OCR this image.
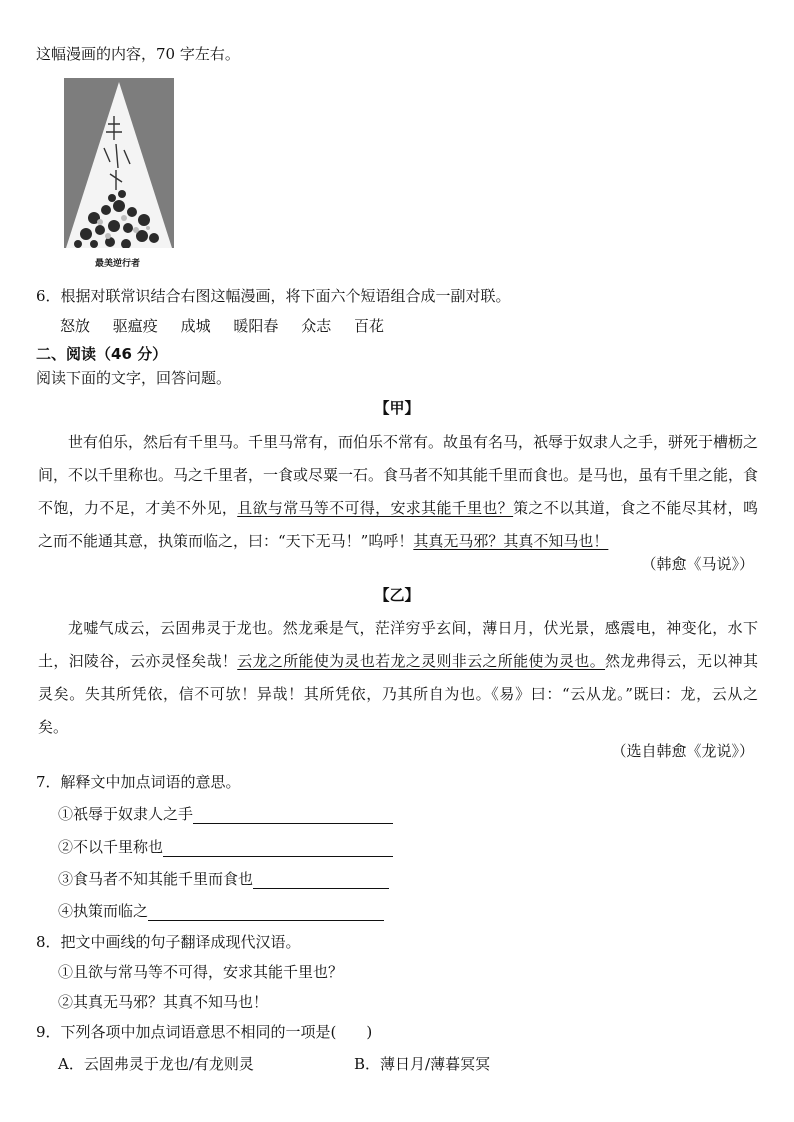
这幅漫画的内容，70 字左右。
最美逆行者
6．根据对联常识结合右图这幅漫画，将下面六个短语组合成一副对联。
怒放 驱瘟疫 成城 暖阳春 众志 百花
二、阅读（46 分）
阅读下面的文字，回答问题。
【甲】
世有伯乐，然后有千里马。千里马常有，而伯乐不常有。故虽有名马，祇辱于奴隶人之手，骈死于槽枥之间，不以千里称也。马之千里者，一食或尽粟一石。食马者不知其能千里而食也。是马也，虽有千里之能，食不饱，力不足，才美不外见，且欲与常马等不可得，安求其能千里也？策之不以其道，食之不能尽其材，鸣之而不能通其意，执策而临之，曰：“天下无马！”呜呼！其真无马邪？其真不知马也！
（韩愈《马说》）
【乙】
龙嘘气成云，云固弗灵于龙也。然龙乘是气，茫洋穷乎玄间，薄日月，伏光景，感震电，神变化，水下土，汩陵谷，云亦灵怪矣哉！云龙之所能使为灵也若龙之灵则非云之所能使为灵也。然龙弗得云，无以神其灵矣。失其所凭依，信不可欤！异哉！其所凭依，乃其所自为也。《易》曰：“云从龙。”既曰：龙，云从之矣。
（选自韩愈《龙说》）
7．解释文中加点词语的意思。
①祇辱于奴隶人之手
②不以千里称也
③食马者不知其能千里而食也
④执策而临之
8．把文中画线的句子翻译成现代汉语。
①且欲与常马等不可得，安求其能千里也？
②其真无马邪？其真不知马也！
9．下列各项中加点词语意思不相同的一项是(　　)
A．云固弗灵于龙也/有龙则灵	B．薄日月/薄暮冥冥
